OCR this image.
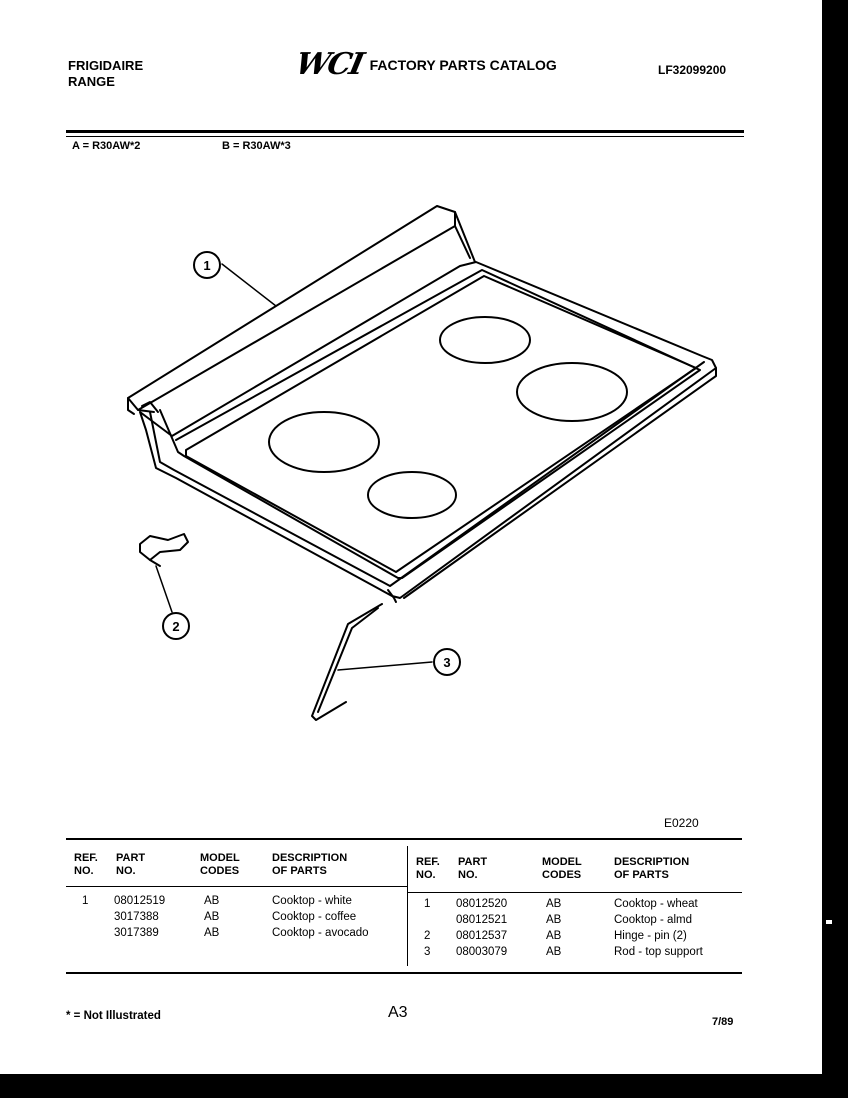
FRIGIDAIRE
RANGE	WCI FACTORY PARTS CATALOG	LF32099200
A = R30AW*2	B = R30AW*3
1
2
3
E0220
REF.
NO.
PART
NO.
MODEL
CODES
DESCRIPTION
OF PARTS
REF.
NO.
PART
NO.
MODEL
CODES
DESCRIPTION
OF PARTS
1 08012519	AB	Cooktop - white
3017388	AB	Cooktop - coffee
3017389	AB	Cooktop - avocado
1 08012520	AB	Cooktop - wheat
08012521	AB	Cooktop - almd
2 08012537	AB	Hinge - pin (2)
3 08003079	AB	Rod - top support
* = Not Illustrated	A3
7/89
